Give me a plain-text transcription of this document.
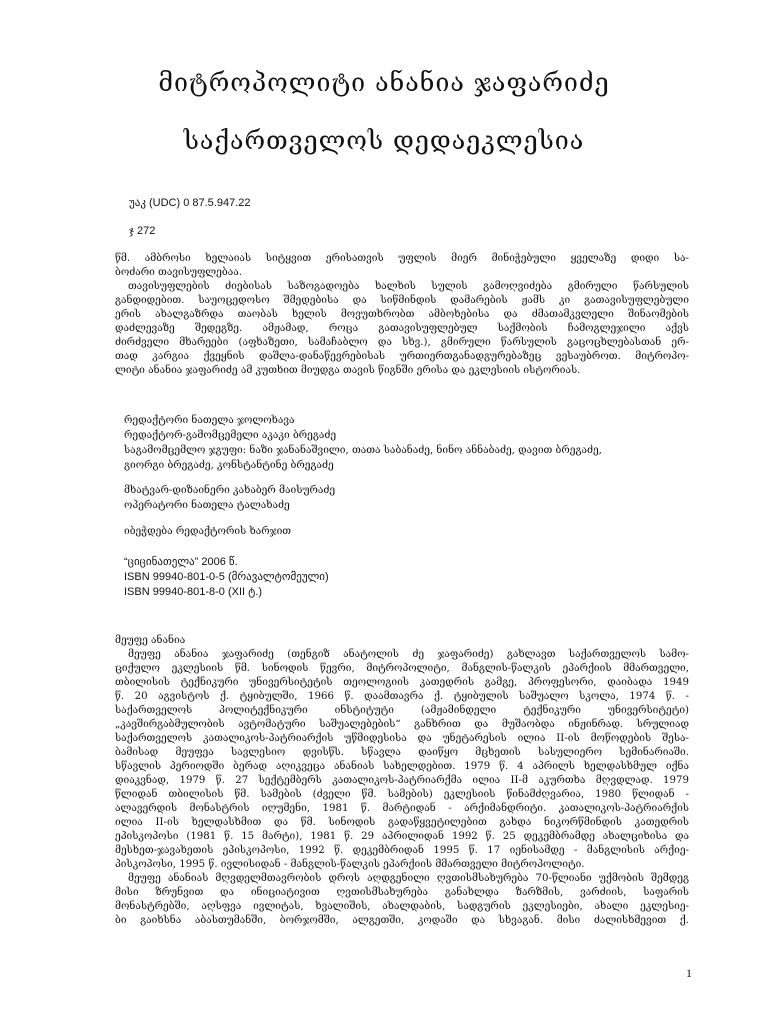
მიტროპოლიტი ანანია ჯაფარიძე
საქართველოს დედაეკლესია
უაკ (UDC) 0 87.5.947.22
ჯ 272
წმ. ამბროსი ხელაიას სიტყვით ერისათვის უფლის მიერ მინიჭებული ყველაზე დიდი სა-
ბოძარი თავისუფლებაა.
თავისუფლების ძიებისას საზოგადოება ხალხის სულის გამოღვიძება გმირული წარსულის
განდიდებით. საუოცედოსო შმედებისა და სიწმინდის დამარების ჟამს კი გათავისუფლებული
ერის ახალგაზრდა თაობას ხელის მოვუთხრობთ ამბოხებისა და ძმათამკვლელი შინაომების
დაძლევაზე შედეგზე. ამჟამად, როცა გათავისუფლებულ საქმობის ჩამოგლეჯილი აქვს
ძირძველი მხარეები (აფხაზეთი, სამაჩაბლო და სხვ.), გმირული წარსულის გაცოცხლებასთან ერ-
თად კარგია ქვეყნის დაშლა-დანაწევრებისას ურთიერთგანადგურებაზეც ვესაუბროთ. მიტროპო-
ლიტი ანანია ჯაფარიძე ამ კუთხით მიუდგა თავის წიგნში ერისა და ეკლესიის ისტორიას.
რედაქტორი ნათელა ჯოლოხავა
რედაქტორ-გამომცემელი აკაკი ბრეგაძე
საგამომცემლო ჯგუფი: ნაზი ჯანანაშვილი, თათა საბანაძე, ნინო ანნაბაძე, დავით ბრეგაძე,
გიორგი ბრეგაძე, კონსტანტინე ბრეგაძე
მხატვარ-დიზაინერი კახაბერ მაისურაძე
ოპერატორი ნათელა ტალახაძე
იბეჭდება რედაქტორის ხარჯით
“ციცინათელა” 2006 წ.
ISBN 99940-801-0-5 (მრავალტომეული)
ISBN 99940-801-8-0 (XII ტ.)
მეუფე ანანია
მეუფე ანანია ჯაფარიძე (თენგიზ ანატოლის ძე ჯაფარიძე) გახლავთ საქართველოს სამო-
ციქულო ეკლესიის წმ. სინოდის წევრი, მიტროპოლიტი, მანგლის-წალკის ეპარქიის მმართველი,
თბილისის ტექნიკური უნივერსიტეტის თეოლოგიის კათედრის გამგე, პროფესორი, დაიბადა 1949
წ. 20 აგვისტოს ქ. ტყიბულში, 1966 წ. დაამთავრა ქ. ტყიბულის საშუალო სკოლა, 1974 წ. -
საქართველოს პოლიტექნიკური ინსტიტუტი (ამჟამინდელი ტექნიკური უნივერსიტეტი)
„კავშირგაბმულობის ავტომატური საშუალებების“ განხრით და მუშაობდა ინჟინრად. სრულიად
საქართველოს კათალიკოს-პატრიარქის უწმიდესისა და უნეტარესის ილია II-ის მოწოდების შესა-
ბამისად მეუფეა სავლესიო დვისწს. სწავლა დაიწყო მცხეთის სასულიერო სემინარიაში.
სწავლის პერიოდში ბერად აღიკვეცა ანანიას სახელდებით. 1979 წ. 4 აპრილს ხელდასხმულ იქნა
დიაკვნად, 1979 წ. 27 სექტემბერს კათალიკოს-პატრიარქმა ილია II-მ აკურთხა მღვდლად. 1979
წლიდან თბილისის წმ. სამების (ძველი წმ. სამების) ეკლესიის წინამძღვარია, 1980 წლიდან -
ალავერდის მონასტრის იღუმენი, 1981 წ. მარტიდან - არქიმანდრიტი. კათალიკოს-პატრიარქის
ილია II-ის ხელდასხმით და წმ. სინოდის გადაწყვეტილებით გახდა ნიკორწმინდის კათედრის
ეპისკოპოსი (1981 წ. 15 მარტი), 1981 წ. 29 აპრილიდან 1992 წ. 25 დეკემბრამდე ახალციხისა და
მესხეთ-ჯავახეთის ეპისკოპოსი, 1992 წ. დეკემბრიდან 1995 წ. 17 იენისამდე - მანგლისის არქიე-
პისკოპოსი, 1995 წ. ივლისიდან - მანგლის-წალკის ეპარქიის მმართველი მიტროპოლიტი.
მეუფე ანანიას მღვდელმთავრობის დროს აღდგენილი ღვთისმსახურება 70-წლიანი უქმობის შემდეგ
მისი ზრუნვით და ინიციატივით ღვთისმსახურება განახლდა ზარზმის, ვარძიის, საფარის
მონასტრებში, აღსფვა ივლიტას, ხვალიშის, ახალდაბის, სადგურის ეკლესიები, ახალი ეკლესიე-
ბი გაიხსნა აბასთუმანში, ბორჯომში, ალგეთში, კოდაში და სხვაგან. მისი ძალისხმევით ქ.
1
